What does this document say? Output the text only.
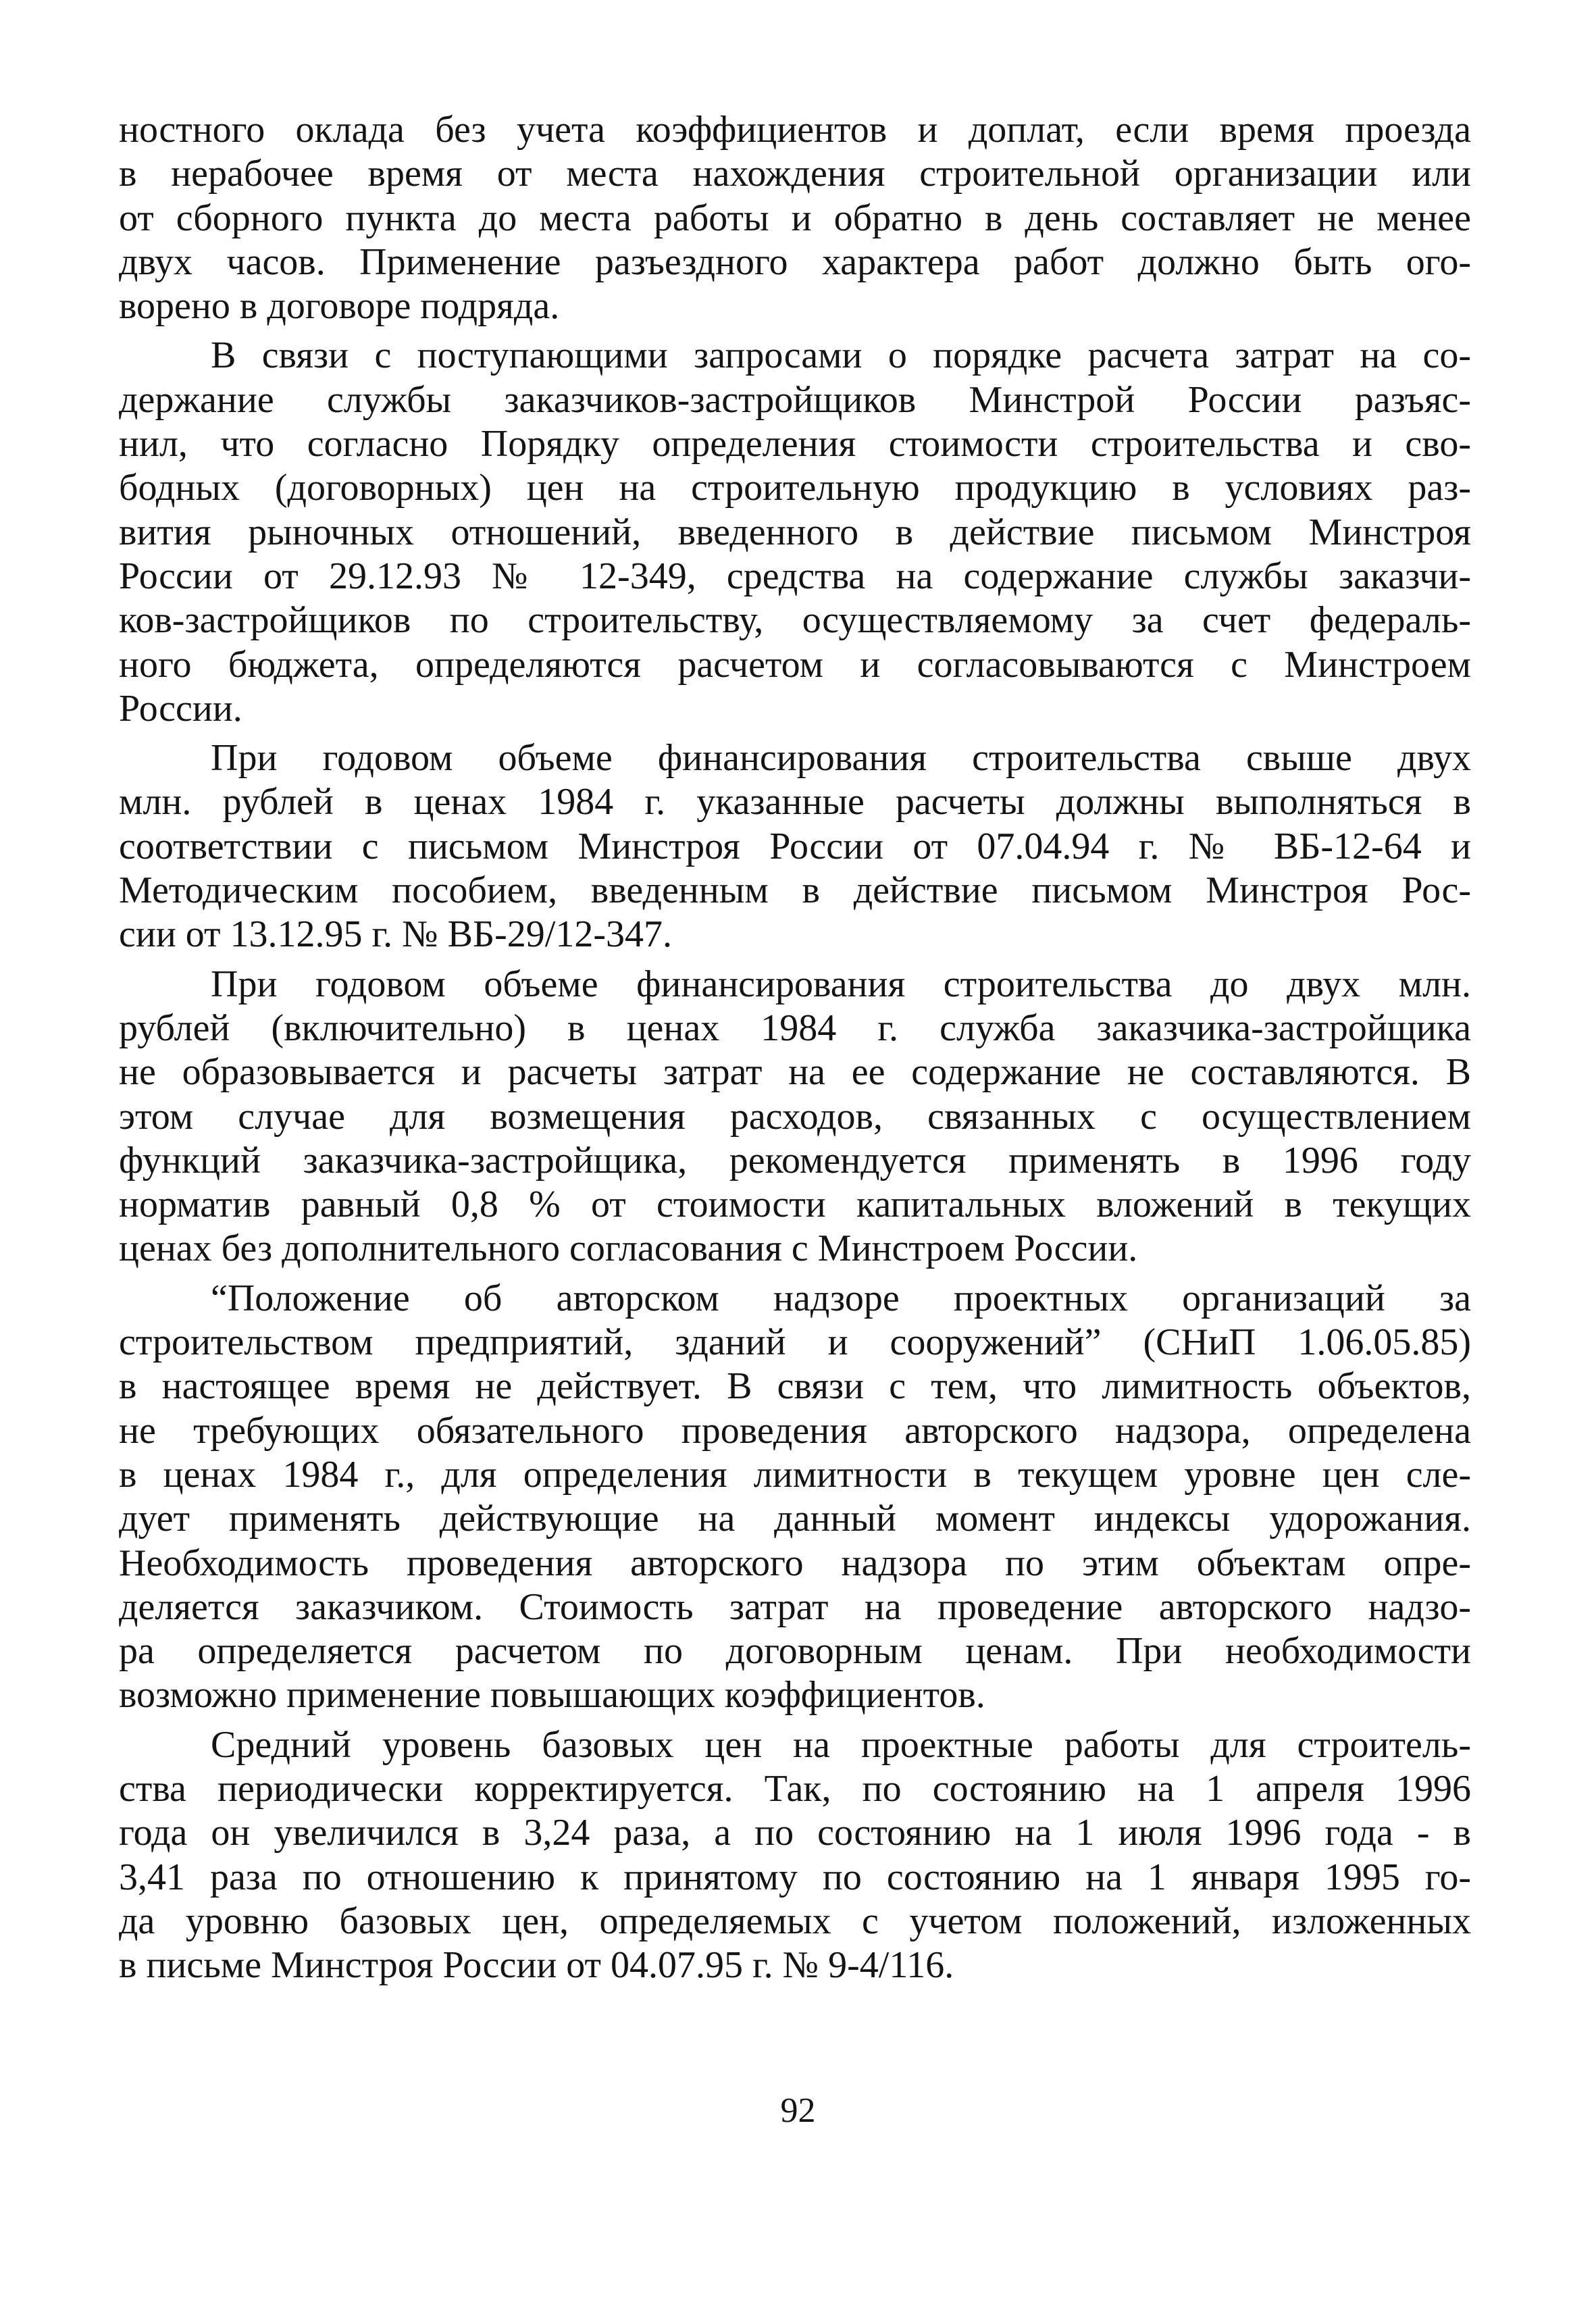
ностного оклада без учета коэффициентов и доплат, если время проезда
в нерабочее время от места нахождения строительной организации или
от сборного пункта до места работы и обратно в день составляет не менее
двух часов. Применение разъездного характера работ должно быть ого-
ворено в договоре подряда.
В связи с поступающими запросами о порядке расчета затрат на со-
держание службы заказчиков-застройщиков Минстрой России разъяс-
нил, что согласно Порядку определения стоимости строительства и сво-
бодных (договорных) цен на строительную продукцию в условиях раз-
вития рыночных отношений, введенного в действие письмом Минстроя
России от 29.12.93 № 12-349, средства на содержание службы заказчи-
ков-застройщиков по строительству, осуществляемому за счет федераль-
ного бюджета, определяются расчетом и согласовываются с Минстроем
России.
При годовом объеме финансирования строительства свыше двух
млн. рублей в ценах 1984 г. указанные расчеты должны выполняться в
соответствии с письмом Минстроя России от 07.04.94 г. № ВБ-12-64 и
Методическим пособием, введенным в действие письмом Минстроя Рос-
сии от 13.12.95 г. № ВБ-29/12-347.
При годовом объеме финансирования строительства до двух млн.
рублей (включительно) в ценах 1984 г. служба заказчика-застройщика
не образовывается и расчеты затрат на ее содержание не составляются. В
этом случае для возмещения расходов, связанных с осуществлением
функций заказчика-застройщика, рекомендуется применять в 1996 году
норматив равный 0,8 % от стоимости капитальных вложений в текущих
ценах без дополнительного согласования с Минстроем России.
“Положение об авторском надзоре проектных организаций за
строительством предприятий, зданий и сооружений” (СНиП 1.06.05.85)
в настоящее время не действует. В связи с тем, что лимитность объектов,
не требующих обязательного проведения авторского надзора, определена
в ценах 1984 г., для определения лимитности в текущем уровне цен сле-
дует применять действующие на данный момент индексы удорожания.
Необходимость проведения авторского надзора по этим объектам опре-
деляется заказчиком. Стоимость затрат на проведение авторского надзо-
ра определяется расчетом по договорным ценам. При необходимости
возможно применение повышающих коэффициентов.
Средний уровень базовых цен на проектные работы для строитель-
ства периодически корректируется. Так, по состоянию на 1 апреля 1996
года он увеличился в 3,24 раза, а по состоянию на 1 июля 1996 года - в
3,41 раза по отношению к принятому по состоянию на 1 января 1995 го-
да уровню базовых цен, определяемых с учетом положений, изложенных
в письме Минстроя России от 04.07.95 г. № 9-4/116.
92
